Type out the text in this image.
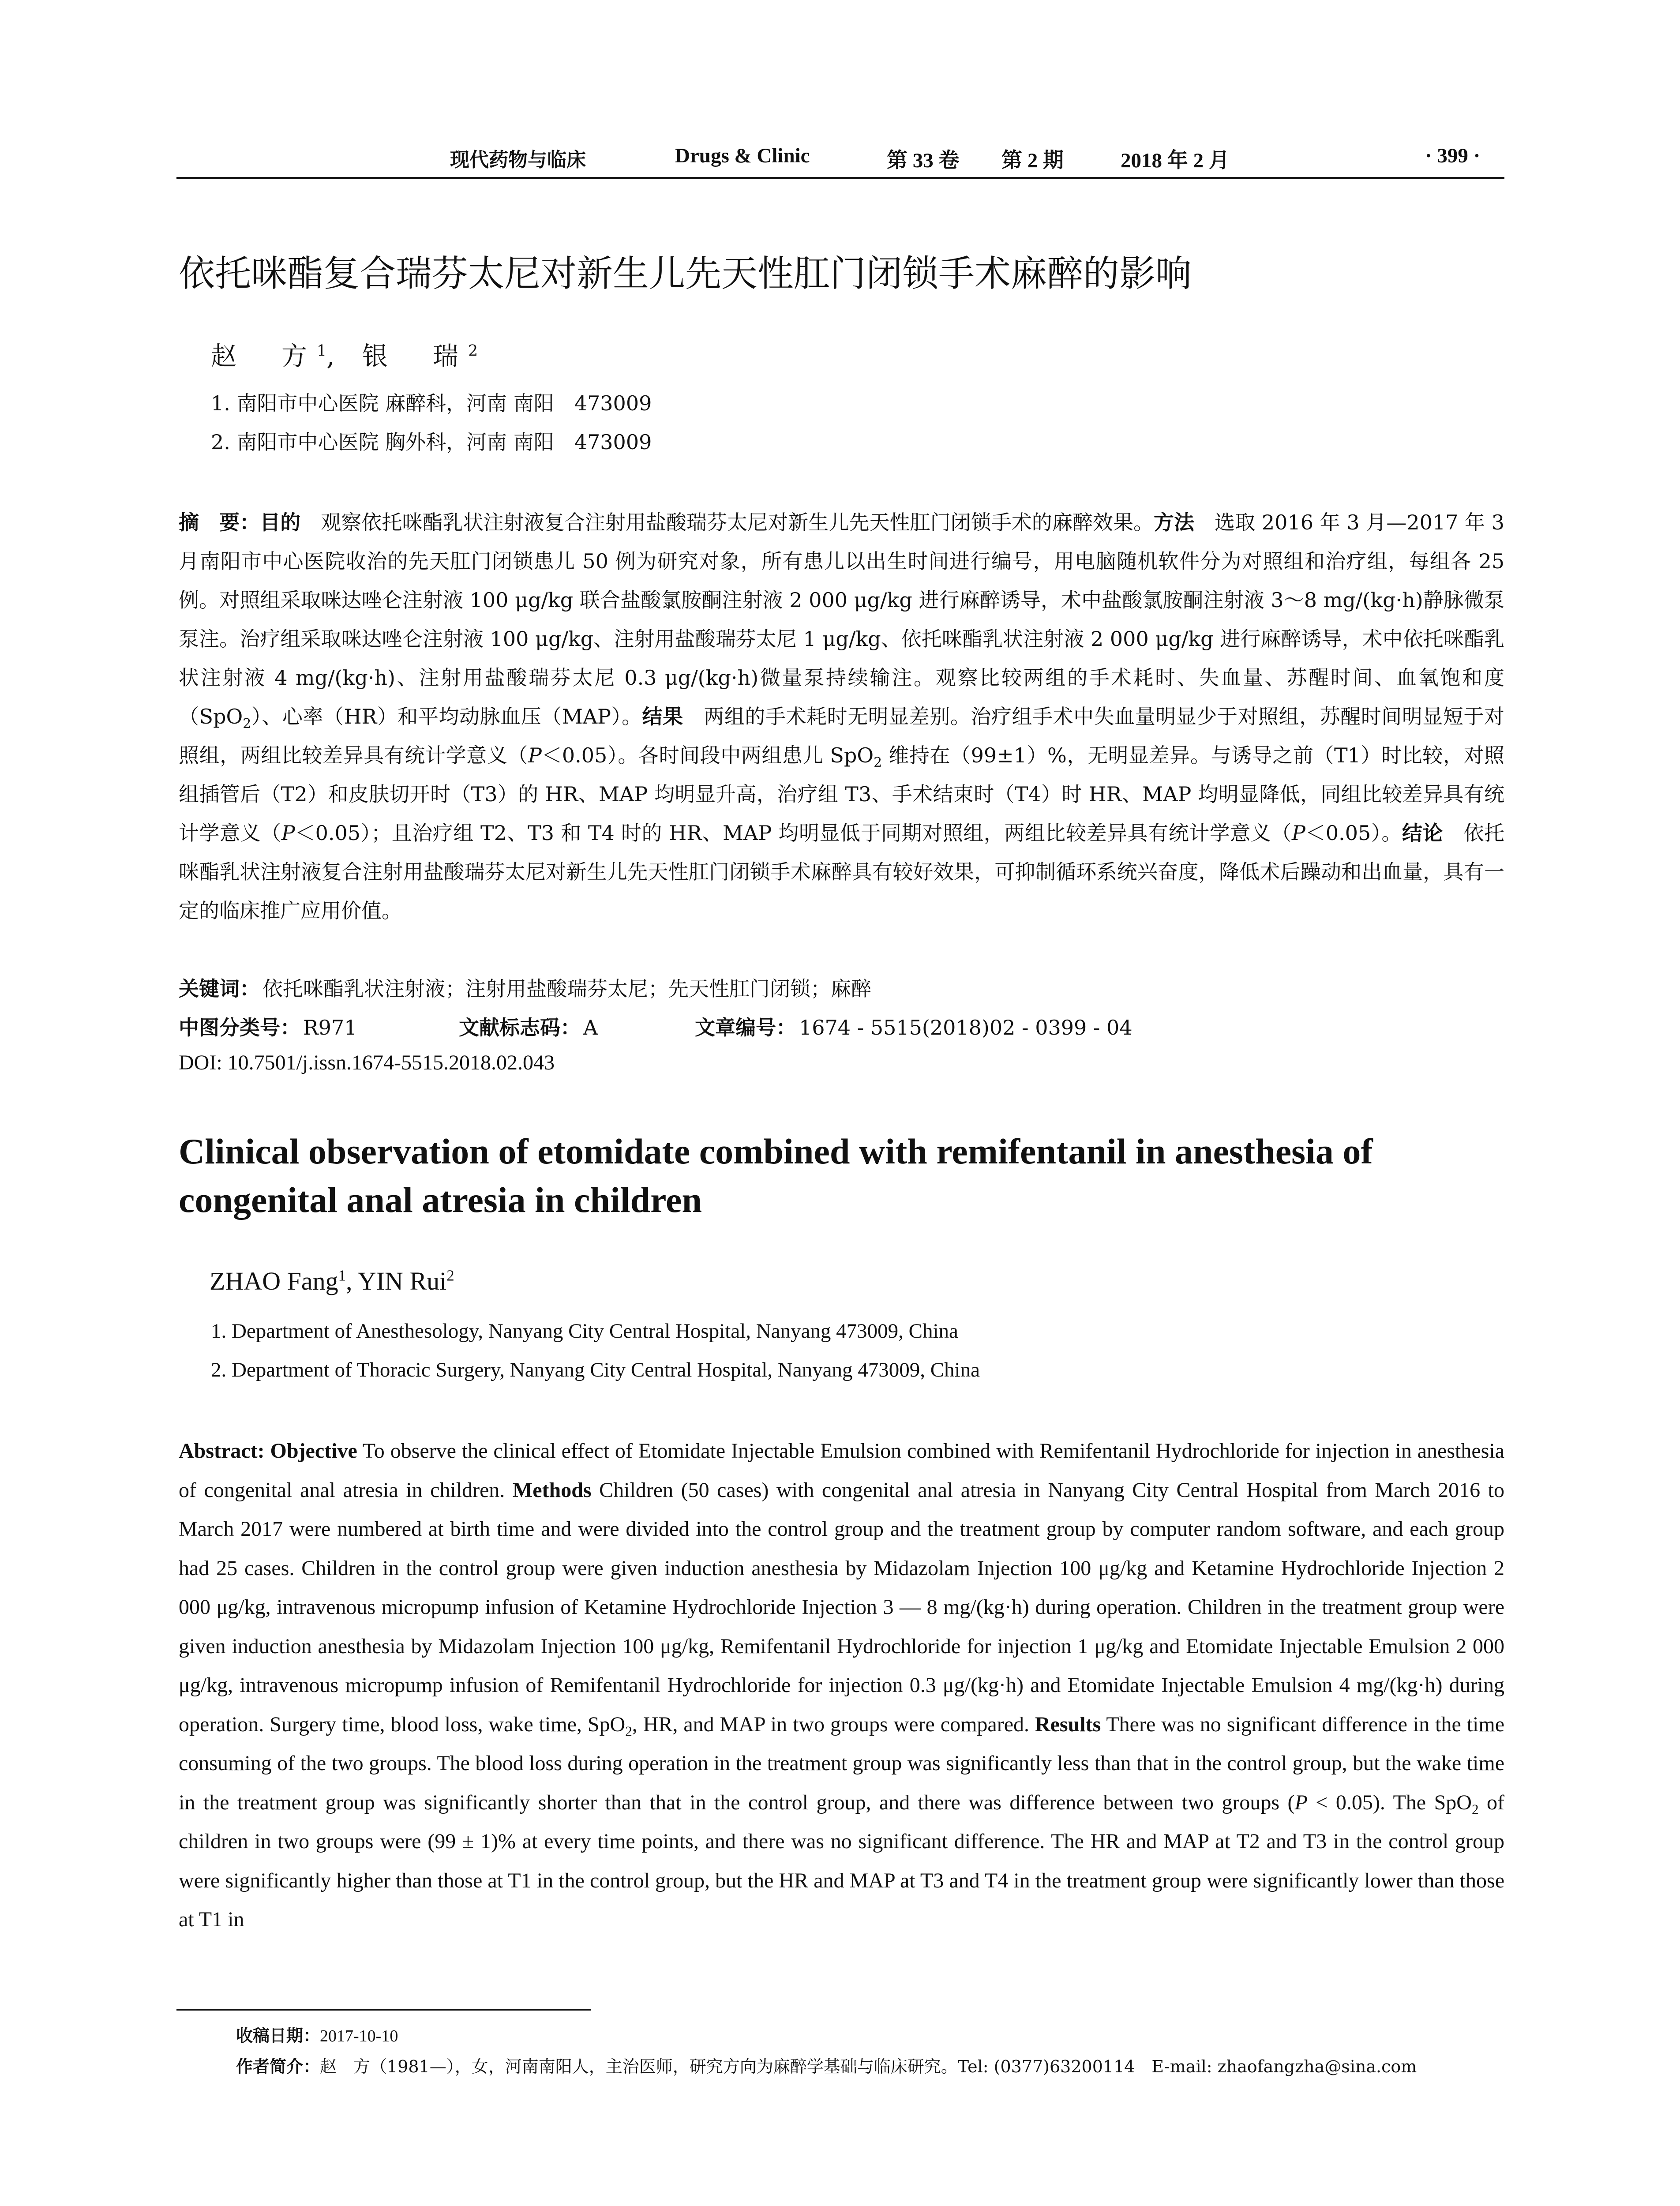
现代药物与临床	Drugs & Clinic	第 33 卷 第 2 期	2018 年 2 月	· 399 ·
依托咪酯复合瑞芬太尼对新生儿先天性肛门闭锁手术麻醉的影响
赵　方$^1$, 银　瑞$^2$
1. 南阳市中心医院 麻醉科，河南 南阳　473009
2. 南阳市中心医院 胸外科，河南 南阳　473009
摘　要：目的　观察依托咪酯乳状注射液复合注射用盐酸瑞芬太尼对新生儿先天性肛门闭锁手术的麻醉效果。方法　选取 2016 年 3 月—2017 年 3 月南阳市中心医院收治的先天肛门闭锁患儿 50 例为研究对象，所有患儿以出生时间进行编号，用电脑随机软件分为对照组和治疗组，每组各 25 例。对照组采取咪达唑仑注射液 100 μg/kg 联合盐酸氯胺酮注射液 2 000 μg/kg 进行麻醉诱导，术中盐酸氯胺酮注射液 3～8 mg/(kg·h)静脉微泵泵注。治疗组采取咪达唑仑注射液 100 μg/kg、注射用盐酸瑞芬太尼 1 μg/kg、依托咪酯乳状注射液 2 000 μg/kg 进行麻醉诱导，术中依托咪酯乳状注射液 4 mg/(kg·h)、注射用盐酸瑞芬太尼 0.3 μg/(kg·h)微量泵持续输注。观察比较两组的手术耗时、失血量、苏醒时间、血氧饱和度（SpO$_2$）、心率（HR）和平均动脉血压（MAP）。结果　两组的手术耗时无明显差别。治疗组手术中失血量明显少于对照组，苏醒时间明显短于对照组，两组比较差异具有统计学意义（P＜0.05）。各时间段中两组患儿 SpO$_2$ 维持在（99±1）%，无明显差异。与诱导之前（T1）时比较，对照组插管后（T2）和皮肤切开时（T3）的 HR、MAP 均明显升高，治疗组 T3、手术结束时（T4）时 HR、MAP 均明显降低，同组比较差异具有统计学意义（P＜0.05）；且治疗组 T2、T3 和 T4 时的 HR、MAP 均明显低于同期对照组，两组比较差异具有统计学意义（P＜0.05）。结论　依托咪酯乳状注射液复合注射用盐酸瑞芬太尼对新生儿先天性肛门闭锁手术麻醉具有较好效果，可抑制循环系统兴奋度，降低术后躁动和出血量，具有一定的临床推广应用价值。
关键词： 依托咪酯乳状注射液；注射用盐酸瑞芬太尼；先天性肛门闭锁；麻醉
中图分类号： R971	文献标志码： A	文章编号： 1674 - 5515(2018)02 - 0399 - 04
DOI: 10.7501/j.issn.1674-5515.2018.02.043
Clinical observation of etomidate combined with remifentanil in anesthesia of congenital anal atresia in children
ZHAO Fang$^1$, YIN Rui$^2$
1. Department of Anesthesology, Nanyang City Central Hospital, Nanyang 473009, China
2. Department of Thoracic Surgery, Nanyang City Central Hospital, Nanyang 473009, China
Abstract: Objective To observe the clinical effect of Etomidate Injectable Emulsion combined with Remifentanil Hydrochloride for injection in anesthesia of congenital anal atresia in children. Methods Children (50 cases) with congenital anal atresia in Nanyang City Central Hospital from March 2016 to March 2017 were numbered at birth time and were divided into the control group and the treatment group by computer random software, and each group had 25 cases. Children in the control group were given induction anesthesia by Midazolam Injection 100 μg/kg and Ketamine Hydrochloride Injection 2 000 μg/kg, intravenous micropump infusion of Ketamine Hydrochloride Injection 3 — 8 mg/(kg·h) during operation. Children in the treatment group were given induction anesthesia by Midazolam Injection 100 μg/kg, Remifentanil Hydrochloride for injection 1 μg/kg and Etomidate Injectable Emulsion 2 000 μg/kg, intravenous micropump infusion of Remifentanil Hydrochloride for injection 0.3 μg/(kg·h) and Etomidate Injectable Emulsion 4 mg/(kg·h) during operation. Surgery time, blood loss, wake time, SpO$_2$, HR, and MAP in two groups were compared. Results There was no significant difference in the time consuming of the two groups. The blood loss during operation in the treatment group was significantly less than that in the control group, but the wake time in the treatment group was significantly shorter than that in the control group, and there was difference between two groups (P < 0.05). The SpO$_2$ of children in two groups were (99 ± 1)% at every time points, and there was no significant difference. The HR and MAP at T2 and T3 in the control group were significantly higher than those at T1 in the control group, but the HR and MAP at T3 and T4 in the treatment group were significantly lower than those at T1 in
收稿日期：2017-10-10
作者简介：赵　方（1981—），女，河南南阳人，主治医师，研究方向为麻醉学基础与临床研究。Tel: (0377)63200114　E-mail: zhaofangzha@sina.com
